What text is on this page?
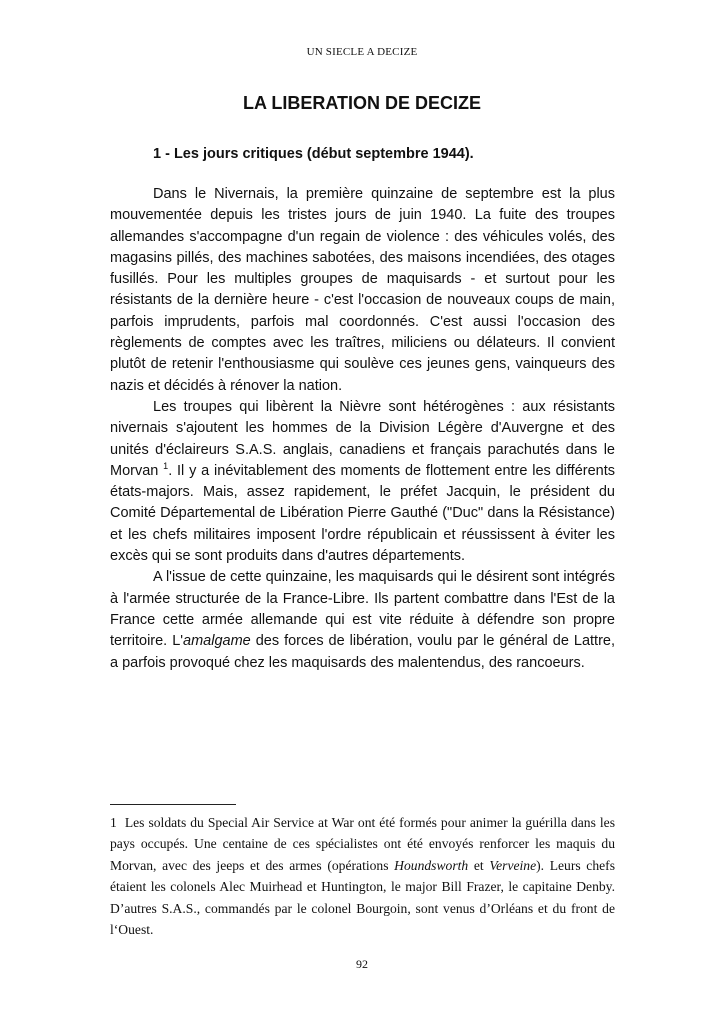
UN SIECLE A DECIZE
LA LIBERATION DE DECIZE
1 - Les jours critiques (début septembre 1944).

Dans le Nivernais, la première quinzaine de septembre est la plus mouvementée depuis les tristes jours de juin 1940. La fuite des troupes allemandes s'accompagne d'un regain de violence : des véhicules volés, des magasins pillés, des machines sabotées, des maisons incendiées, des otages fusillés. Pour les multiples groupes de maquisards - et surtout pour les résistants de la dernière heure - c'est l'occasion de nouveaux coups de main, parfois imprudents, parfois mal coordonnés. C'est aussi l'occasion des règlements de comptes avec les traîtres, miliciens ou délateurs. Il convient plutôt de retenir l'enthousiasme qui soulève ces jeunes gens, vainqueurs des nazis et décidés à rénover la nation.

Les troupes qui libèrent la Nièvre sont hétérogènes : aux résistants nivernais s'ajoutent les hommes de la Division Légère d'Auvergne et des unités d'éclaireurs S.A.S. anglais, canadiens et français parachutés dans le Morvan $^1$. Il y a inévitablement des moments de flottement entre les différents états-majors. Mais, assez rapidement, le préfet Jacquin, le président du Comité Départemental de Libération Pierre Gauthé ("Duc" dans la Résistance) et les chefs militaires imposent l'ordre républicain et réussissent à éviter les excès qui se sont produits dans d'autres départements.

A l'issue de cette quinzaine, les maquisards qui le désirent sont intégrés à l'armée structurée de la France-Libre. Ils partent combattre dans l'Est de la France cette armée allemande qui est vite réduite à défendre son propre territoire. L'amalgame des forces de libération, voulu par le général de Lattre, a parfois provoqué chez les maquisards des malentendus, des rancoeurs.

1 Les soldats du Special Air Service at War ont été formés pour animer la guérilla dans les pays occupés. Une centaine de ces spécialistes ont été envoyés renforcer les maquis du Morvan, avec des jeeps et des armes (opérations Houndsworth et Verveine). Leurs chefs étaient les colonels Alec Muirhead et Huntington, le major Bill Frazer, le capitaine Denby. D’autres S.A.S., commandés par le colonel Bourgoin, sont venus d’Orléans et du front de l‘Ouest.

92
